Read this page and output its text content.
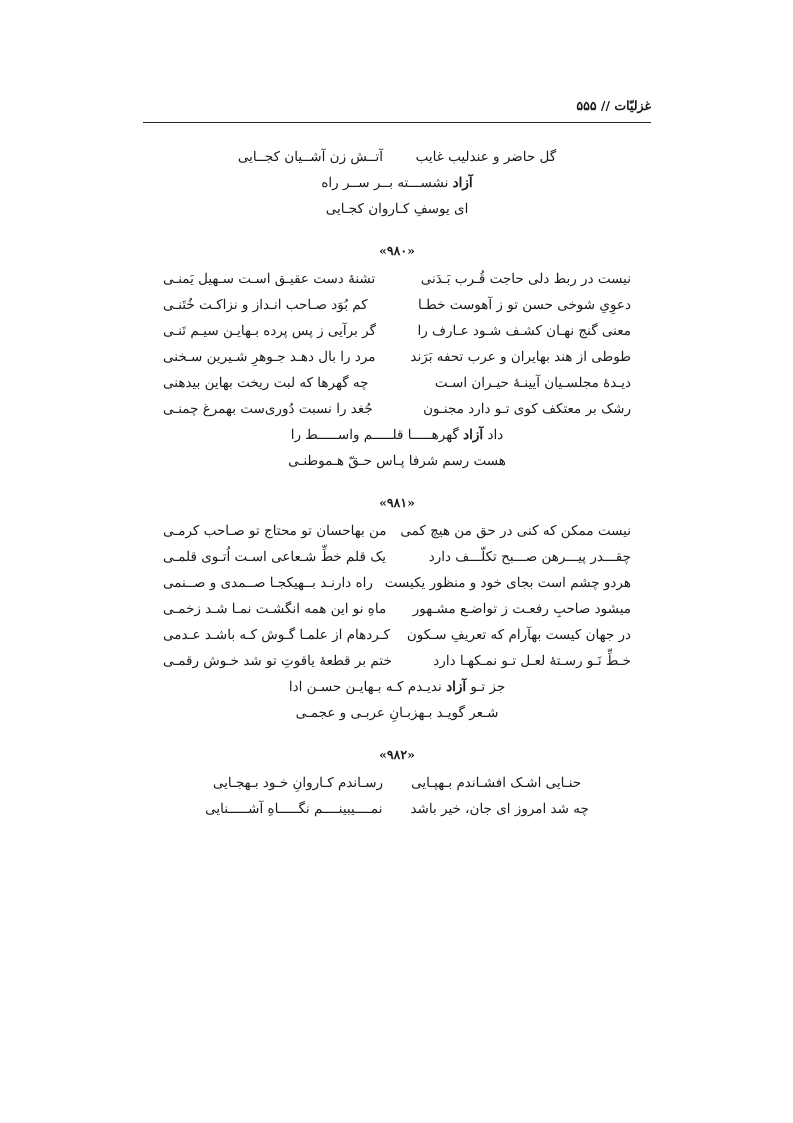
غزلیّات // ۵۵۵
گل حاضر و عندلیب غایب  آتــش زن آشــیان کجــایی
آزاد نشســـته بــر ســر راه
ای یوسفِ کـاروان کجـایی
«۹۸۰»
نیست در ربط دلی حاجت قُـرب بَـدَنی
تشنهٔ دست عقیـق اسـت سـهیل یَمنـی
دعوِیِ شوخی حسن تو ز آهوست خطـا
کم بُوَد صـاحب انـداز و نزاکـت خُتَنـی
معنی گنج نهـان کشـف شـود عـارف را
گر برآیی ز پس پرده بـهایـن سیـم تَنـی
طوطی از هند بهایران و عرب تحفه بَرَند
مرد را بال دهـد جـوهرِ شـیرین سـخنی
دیـدهٔ مجلسـیان آیینـهٔ حیـران اسـت
چه گهرها که لبت ریخت بهاین بیدهنی
رشک بر معتکف کوی تـو دارد مجنـون
جُغد را نسبت دُوری‌ست بهمرغ چمنـی
داد آزاد گهرهـــــا قلـــــم واســـــط را
هست رسم شرفا پـاس حـقّ هـموطنـی
«۹۸۱»
نیست ممکن که کنی در حق من هیچ کمی
من بهاحسان تو محتاج تو صـاحب کرمـی
چقـــدر پیـــرهن صـــبح تکلّـــف دارد
یک قلم خطِّ شـعاعی اسـت اُتـوی قلمـی
هردو چشم است بجای خود و منظور یکیست
راه دارنـد بــهیکجـا صــمدی و صــنمی
میشود صاحبِ رفعـت ز تواضـع مشـهور
ماهِ نو این همه انگشـت نمـا شـد زخمـی
در جهان کیست بهآرام که تعریفِ سـکون
کـردهام از علمـا گـوش کـه باشـد عـدمی
خـطِّ نَـو رسـتهٔ لعـل تـو نمـکهـا دارد
ختم بر قطعهٔ یاقوتِ تو شد خـوش رقمـی
جز تـو آزاد ندیـدم کـه بـهایـن حسـن ادا
شـعر گویـد بـهزبـانِ عربـی و عجمـی
«۹۸۲»
حنـایی اشـک افشـاندم بـهپـایی
رسـاندم کـاروانِ خـود بـهجـایی
چه شد امروز ای جان، خیر باشد
نمــــیبینــــم نگـــــاهِ آشـــــنایی
